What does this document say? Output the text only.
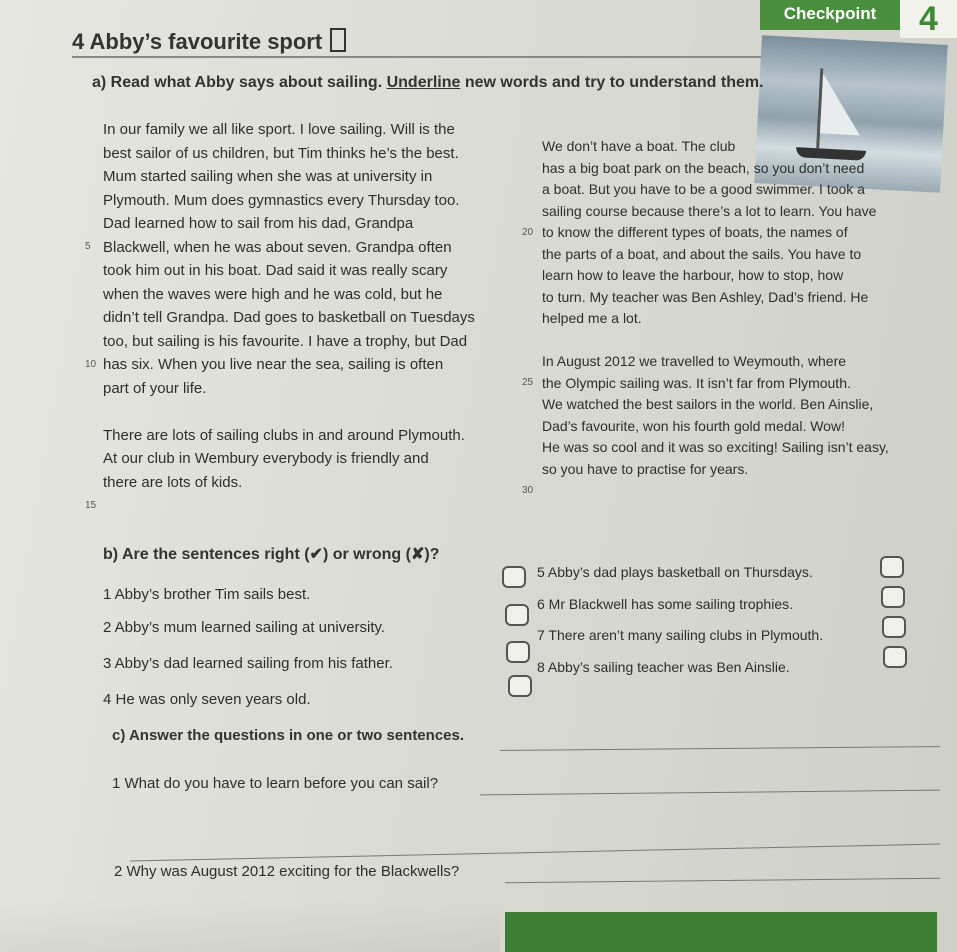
Checkpoint	4
4 Abby’s favourite sport
a) Read what Abby says about sailing. Underline new words and try to understand them.
5
10
15

In our family we all like sport. I love sailing. Will is the

best sailor of us children, but Tim thinks he’s the best.

Mum started sailing when she was at university in

Plymouth. Mum does gymnastics every Thursday too.

Dad learned how to sail from his dad, Grandpa

Blackwell, when he was about seven. Grandpa often

took him out in his boat. Dad said it was really scary

when the waves were high and he was cold, but he

didn’t tell Grandpa. Dad goes to basketball on Tuesdays

too, but sailing is his favourite. I have a trophy, but Dad

has six. When you live near the sea, sailing is often

part of your life.

There are lots of sailing clubs in and around Plymouth.

At our club in Wembury everybody is friendly and

there are lots of kids.

20
25
30

We don’t have a boat. The club

has a big boat park on the beach, so you don’t need

a boat. But you have to be a good swimmer. I took a

sailing course because there’s a lot to learn. You have

to know the different types of boats, the names of

the parts of a boat, and about the sails. You have to

learn how to leave the harbour, how to stop, how

to turn. My teacher was Ben Ashley, Dad’s friend. He

helped me a lot.

In August 2012 we travelled to Weymouth, where

the Olympic sailing was. It isn’t far from Plymouth.

We watched the best sailors in the world. Ben Ainslie,

Dad’s favourite, won his fourth gold medal. Wow!

He was so cool and it was so exciting! Sailing isn’t easy,

so you have to practise for years.

b) Are the sentences right (✔) or wrong (✘)?
1 Abby’s brother Tim sails best.
2 Abby’s mum learned sailing at university.
3 Abby’s dad learned sailing from his father.
4 He was only seven years old.
5 Abby’s dad plays basketball on Thursdays.
6 Mr Blackwell has some sailing trophies.
7 There aren’t many sailing clubs in Plymouth.
8 Abby’s sailing teacher was Ben Ainslie.
c) Answer the questions in one or two sentences.
1 What do you have to learn before you can sail?
2 Why was August 2012 exciting for the Blackwells?
